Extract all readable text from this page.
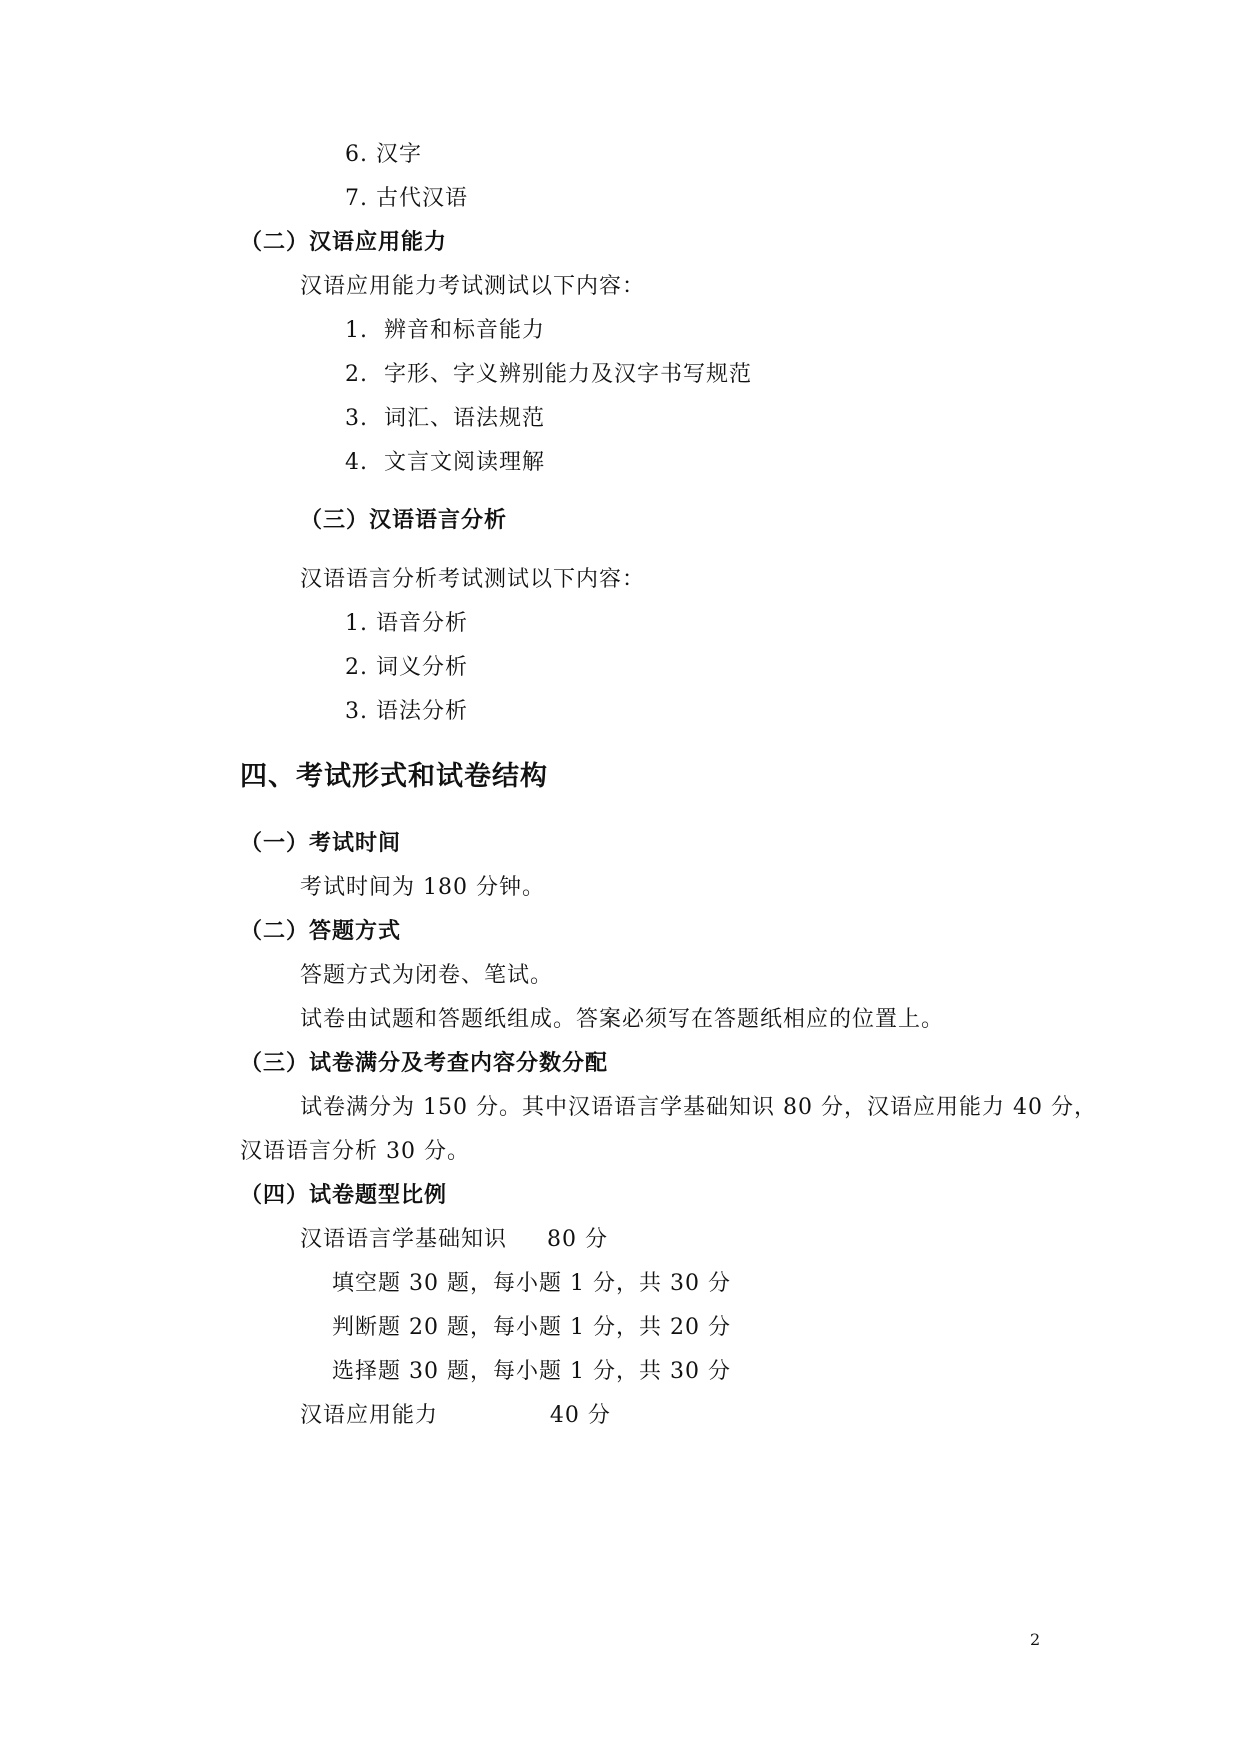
6. 汉字
7. 古代汉语
（二）汉语应用能力
汉语应用能力考试测试以下内容：
1.  辨音和标音能力
2.  字形、字义辨别能力及汉字书写规范
3.  词汇、语法规范
4.  文言文阅读理解
（三）汉语语言分析
汉语语言分析考试测试以下内容：
1. 语音分析
2. 词义分析
3. 语法分析
四、考试形式和试卷结构
（一）考试时间
考试时间为 180 分钟。
（二）答题方式
答题方式为闭卷、笔试。
试卷由试题和答题纸组成。答案必须写在答题纸相应的位置上。
（三）试卷满分及考查内容分数分配
试卷满分为 150 分。其中汉语语言学基础知识 80 分，汉语应用能力 40 分，
汉语语言分析 30 分。
（四）试卷题型比例
汉语语言学基础知识     80 分
填空题 30 题，每小题 1 分，共 30 分
判断题 20 题，每小题 1 分，共 20 分
选择题 30 题，每小题 1 分，共 30 分
汉语应用能力              40 分
2
